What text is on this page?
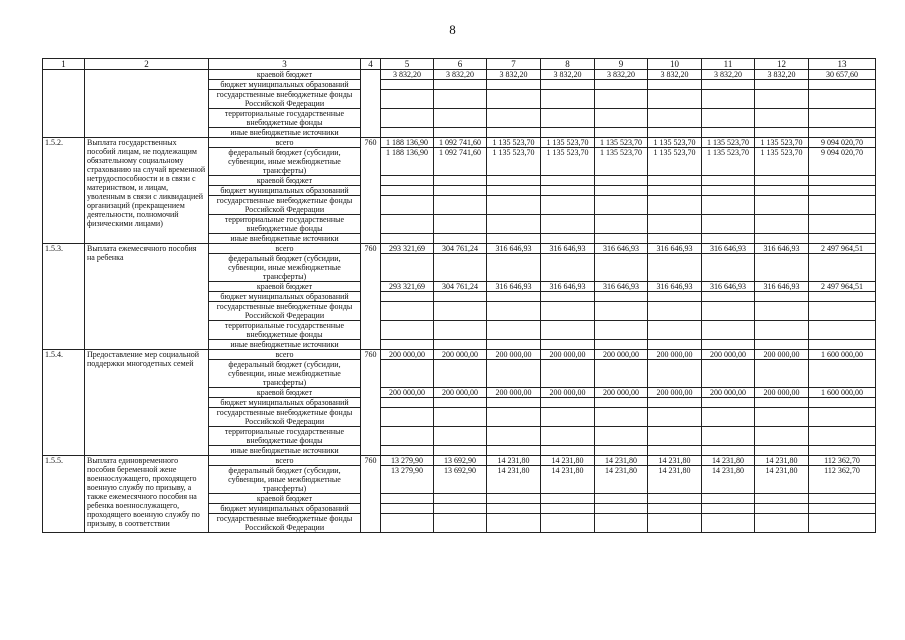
8
1	2	3	4	5	6	7	8	9	10	11	12	13
		краевой бюджет		3 832,20	3 832,20	3 832,20	3 832,20	3 832,20	3 832,20	3 832,20	3 832,20	30 657,60
		бюджет муниципальных образований										
		государственные внебюджетные фонды Российской Федерации										
		территориальные государственные внебюджетные фонды										
		иные внебюджетные источники										
1.5.2.	Выплата государственных пособий лицам, не подлежащим обязательному социальному страхованию на случай временной нетрудоспособности и в связи с материнством, и лицам, уволенным в связи с ликвидацией организаций (прекращением деятельности, полномочий физическими лицами)	всего	760	1 188 136,90	1 092 741,60	1 135 523,70	1 135 523,70	1 135 523,70	1 135 523,70	1 135 523,70	1 135 523,70	9 094 020,70
		федеральный бюджет (субсидии, субвенции, иные межбюджетные трансферты)		1 188 136,90	1 092 741,60	1 135 523,70	1 135 523,70	1 135 523,70	1 135 523,70	1 135 523,70	1 135 523,70	9 094 020,70
		краевой бюджет										
		бюджет муниципальных образований										
		государственные внебюджетные фонды Российской Федерации										
		территориальные государственные внебюджетные фонды										
		иные внебюджетные источники										
1.5.3.	Выплата ежемесячного пособия на ребенка	всего	760	293 321,69	304 761,24	316 646,93	316 646,93	316 646,93	316 646,93	316 646,93	316 646,93	2 497 964,51
		федеральный бюджет (субсидии, субвенции, иные межбюджетные трансферты)										
		краевой бюджет		293 321,69	304 761,24	316 646,93	316 646,93	316 646,93	316 646,93	316 646,93	316 646,93	2 497 964,51
		бюджет муниципальных образований										
		государственные внебюджетные фонды Российской Федерации										
		территориальные государственные внебюджетные фонды										
		иные внебюджетные источники										
1.5.4.	Предоставление мер социальной поддержки многодетных семей	всего	760	200 000,00	200 000,00	200 000,00	200 000,00	200 000,00	200 000,00	200 000,00	200 000,00	1 600 000,00
		федеральный бюджет (субсидии, субвенции, иные межбюджетные трансферты)										
		краевой бюджет		200 000,00	200 000,00	200 000,00	200 000,00	200 000,00	200 000,00	200 000,00	200 000,00	1 600 000,00
		бюджет муниципальных образований										
		государственные внебюджетные фонды Российской Федерации										
		территориальные государственные внебюджетные фонды										
		иные внебюджетные источники										
1.5.5.	Выплата единовременного пособия беременной жене военнослужащего, проходящего военную службу по призыву, а также ежемесячного пособия на ребенка военнослужащего, проходящего военную службу по призыву, в соответствии	всего	760	13 279,90	13 692,90	14 231,80	14 231,80	14 231,80	14 231,80	14 231,80	14 231,80	112 362,70
		федеральный бюджет (субсидии, субвенции, иные межбюджетные трансферты)		13 279,90	13 692,90	14 231,80	14 231,80	14 231,80	14 231,80	14 231,80	14 231,80	112 362,70
		краевой бюджет										
		бюджет муниципальных образований										
		государственные внебюджетные фонды Российской Федерации										
